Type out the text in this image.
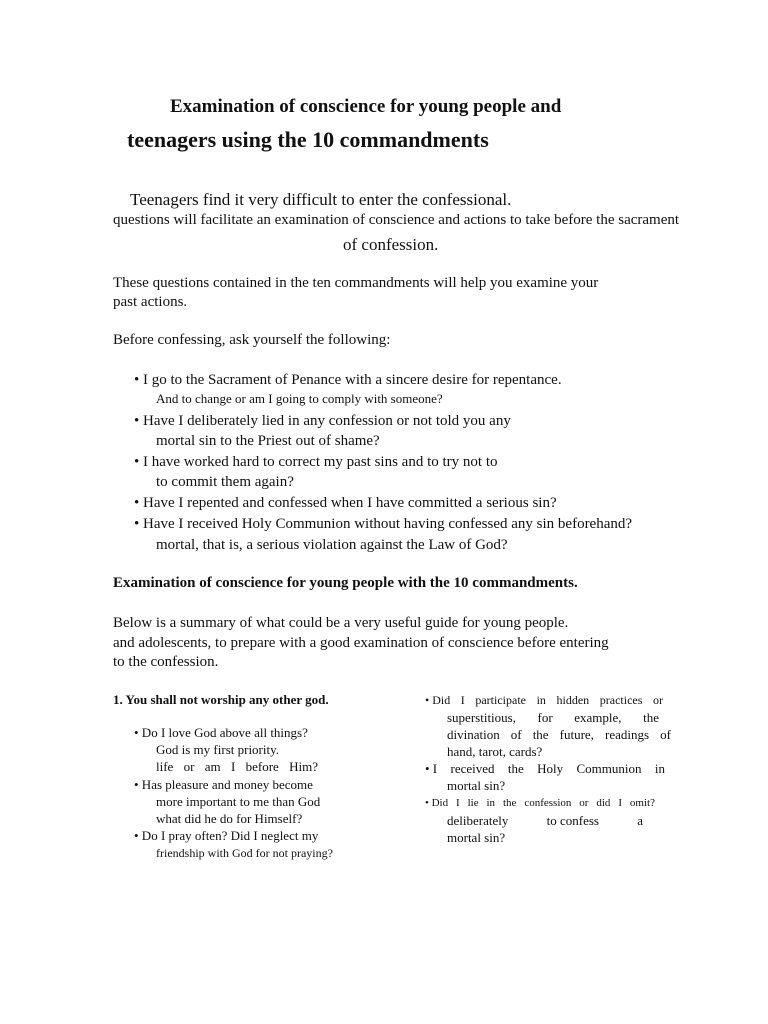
Examination of conscience for young people and
teenagers using the 10 commandments
Teenagers find it very difficult to enter the confessional.
questions will facilitate an examination of conscience and actions to take before the sacrament
of confession.
These questions contained in the ten commandments will help you examine your
past actions.
Before confessing, ask yourself the following:
• I go to the Sacrament of Penance with a sincere desire for repentance.
And to change or am I going to comply with someone?
• Have I deliberately lied in any confession or not told you any
mortal sin to the Priest out of shame?
• I have worked hard to correct my past sins and to try not to
to commit them again?
• Have I repented and confessed when I have committed a serious sin?
• Have I received Holy Communion without having confessed any sin beforehand?
mortal, that is, a serious violation against the Law of God?
Examination of conscience for young people with the 10 commandments.
Below is a summary of what could be a very useful guide for young people.
and adolescents, to prepare with a good examination of conscience before entering
to the confession.
1. You shall not worship any other god.
• Do I love God above all things?
God is my first priority.
life or am I before Him?
• Has pleasure and money become
more important to me than God
what did he do for Himself?
• Do I pray often? Did I neglect my
friendship with God for not praying?
• Did I participate in hidden practices or
superstitious, for example, the
divination of the future, readings of
hand, tarot, cards?
• I received the Holy Communion in
mortal sin?
• Did I lie in the confession or did I omit?
deliberately	to confess	a
mortal sin?
